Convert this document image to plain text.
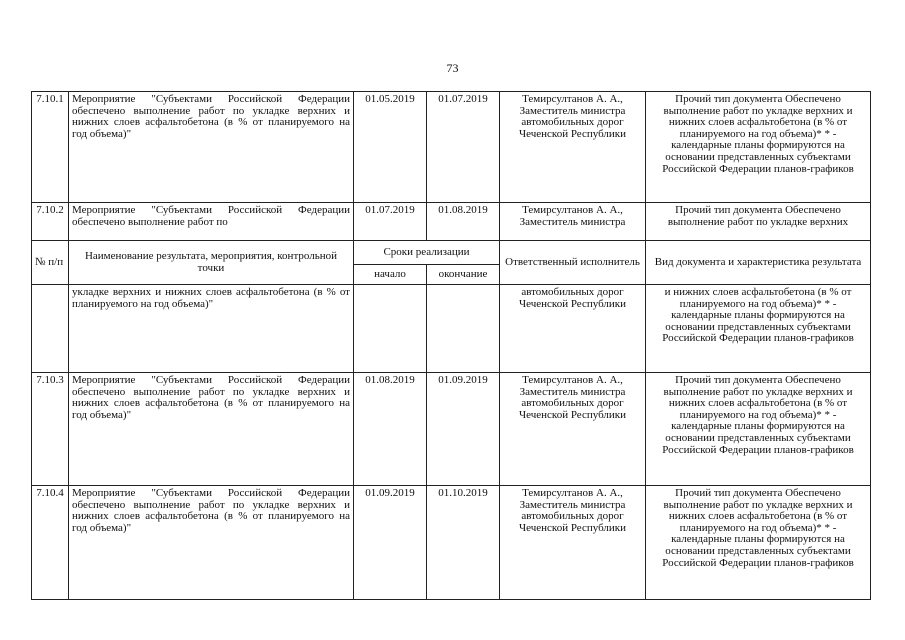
73
7.10.1	Мероприятие "Субъектами Российской Федерации обеспечено выполнение работ по укладке верхних и нижних слоев асфальтобетона (в % от планируемого на год объема)"	01.05.2019	01.07.2019	Темирсултанов А. А., Заместитель министра автомобильных дорог Чеченской Республики	Прочий тип документа Обеспечено выполнение работ по укладке верхних и нижних слоев асфальтобетона (в % от планируемого на год объема)* * - календарные планы формируются на основании представленных субъектами Российской Федерации планов-графиков
7.10.2	Мероприятие "Субъектами Российской Федерации обеспечено выполнение работ по	01.07.2019	01.08.2019	Темирсултанов А. А., Заместитель министра	Прочий тип документа Обеспечено выполнение работ по укладке верхних
№ п/п	Наименование результата, мероприятия, контрольной точки	Сроки реализации		Ответственный исполнитель	Вид документа и характеристика результата
		начало	окончание		
	укладке верхних и нижних слоев асфальтобетона (в % от планируемого на год объема)"			автомобильных дорог Чеченской Республики	и нижних слоев асфальтобетона (в % от планируемого на год объема)* * - календарные планы формируются на основании представленных субъектами Российской Федерации планов-графиков
7.10.3	Мероприятие "Субъектами Российской Федерации обеспечено выполнение работ по укладке верхних и нижних слоев асфальтобетона (в % от планируемого на год объема)"	01.08.2019	01.09.2019	Темирсултанов А. А., Заместитель министра автомобильных дорог Чеченской Республики	Прочий тип документа Обеспечено выполнение работ по укладке верхних и нижних слоев асфальтобетона (в % от планируемого на год объема)* * - календарные планы формируются на основании представленных субъектами Российской Федерации планов-графиков
7.10.4	Мероприятие "Субъектами Российской Федерации обеспечено выполнение работ по укладке верхних и нижних слоев асфальтобетона (в % от планируемого на год объема)"	01.09.2019	01.10.2019	Темирсултанов А. А., Заместитель министра автомобильных дорог Чеченской Республики	Прочий тип документа Обеспечено выполнение работ по укладке верхних и нижних слоев асфальтобетона (в % от планируемого на год объема)* * - календарные планы формируются на основании представленных субъектами Российской Федерации планов-графиков
